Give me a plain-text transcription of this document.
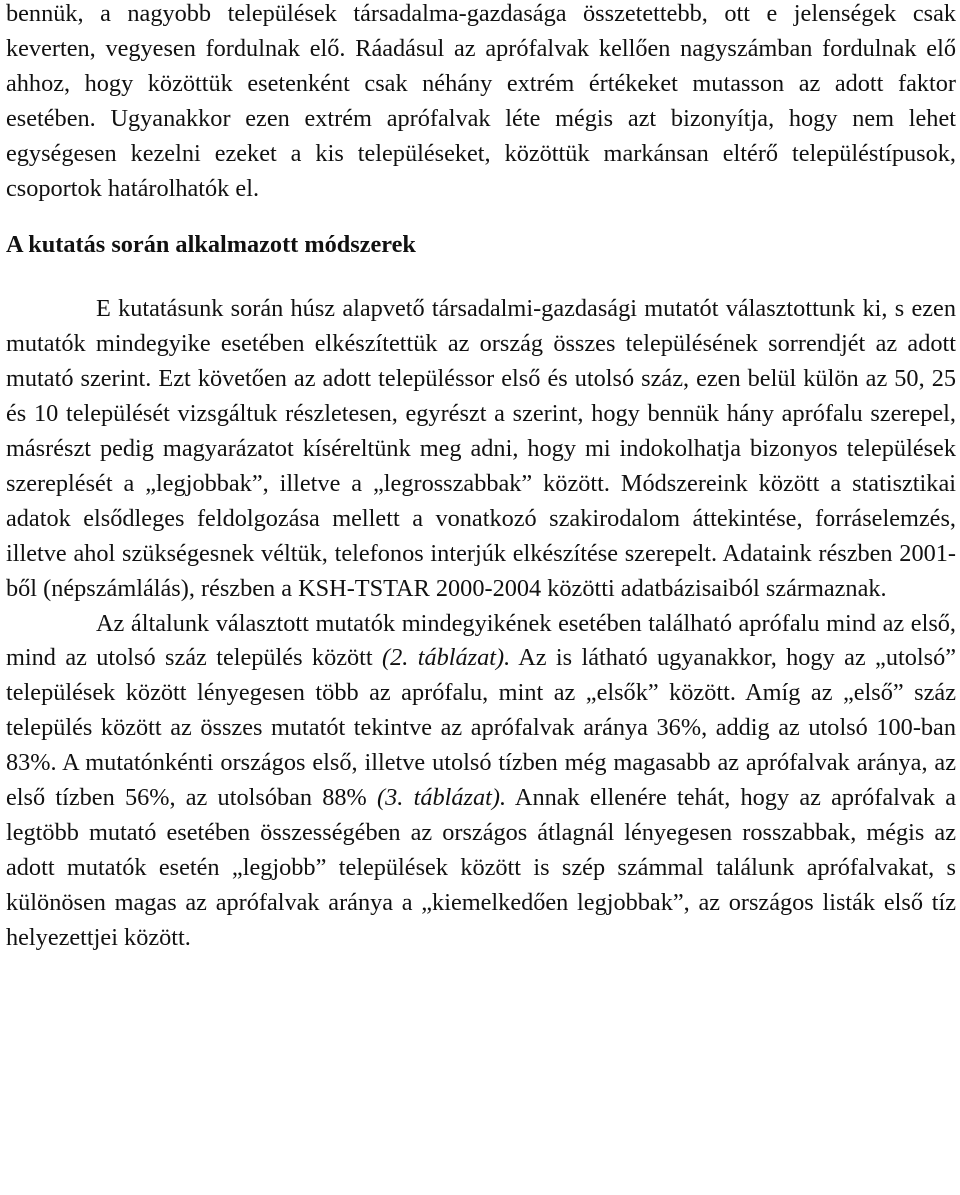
bennük, a nagyobb települések társadalma-gazdasága összetettebb, ott e jelenségek csak keverten, vegyesen fordulnak elő. Ráadásul az aprófalvak kellően nagyszámban fordulnak elő ahhoz, hogy közöttük esetenként csak néhány extrém értékeket mutasson az adott faktor esetében. Ugyanakkor ezen extrém aprófalvak léte mégis azt bizonyítja, hogy nem lehet egységesen kezelni ezeket a kis településeket, közöttük markánsan eltérő településtípusok, csoportok határolhatók el.

A kutatás során alkalmazott módszerek

E kutatásunk során húsz alapvető társadalmi-gazdasági mutatót választottunk ki, s ezen mutatók mindegyike esetében elkészítettük az ország összes településének sorrendjét az adott mutató szerint. Ezt követően az adott településsor első és utolsó száz, ezen belül külön az 50, 25 és 10 települését vizsgáltuk részletesen, egyrészt a szerint, hogy bennük hány aprófalu szerepel, másrészt pedig magyarázatot kíséreltünk meg adni, hogy mi indokolhatja bizonyos települések szereplését a „legjobbak”, illetve a „legrosszabbak” között. Módszereink között a statisztikai adatok elsődleges feldolgozása mellett a vonatkozó szakirodalom áttekintése, forráselemzés, illetve ahol szükségesnek véltük, telefonos interjúk elkészítése szerepelt. Adataink részben 2001-ből (népszámlálás), részben a KSH-TSTAR 2000-2004 közötti adatbázisaiból származnak.

Az általunk választott mutatók mindegyikének esetében található aprófalu mind az első, mind az utolsó száz település között (2. táblázat). Az is látható ugyanakkor, hogy az „utolsó” települések között lényegesen több az aprófalu, mint az „elsők” között. Amíg az „első” száz település között az összes mutatót tekintve az aprófalvak aránya 36%, addig az utolsó 100-ban 83%. A mutatónkénti országos első, illetve utolsó tízben még magasabb az aprófalvak aránya, az első tízben 56%, az utolsóban 88% (3. táblázat). Annak ellenére tehát, hogy az aprófalvak a legtöbb mutató esetében összességében az országos átlagnál lényegesen rosszabbak, mégis az adott mutatók esetén „legjobb” települések között is szép számmal találunk aprófalvakat, s különösen magas az aprófalvak aránya a „kiemelkedően legjobbak”, az országos listák első tíz helyezettjei között.
